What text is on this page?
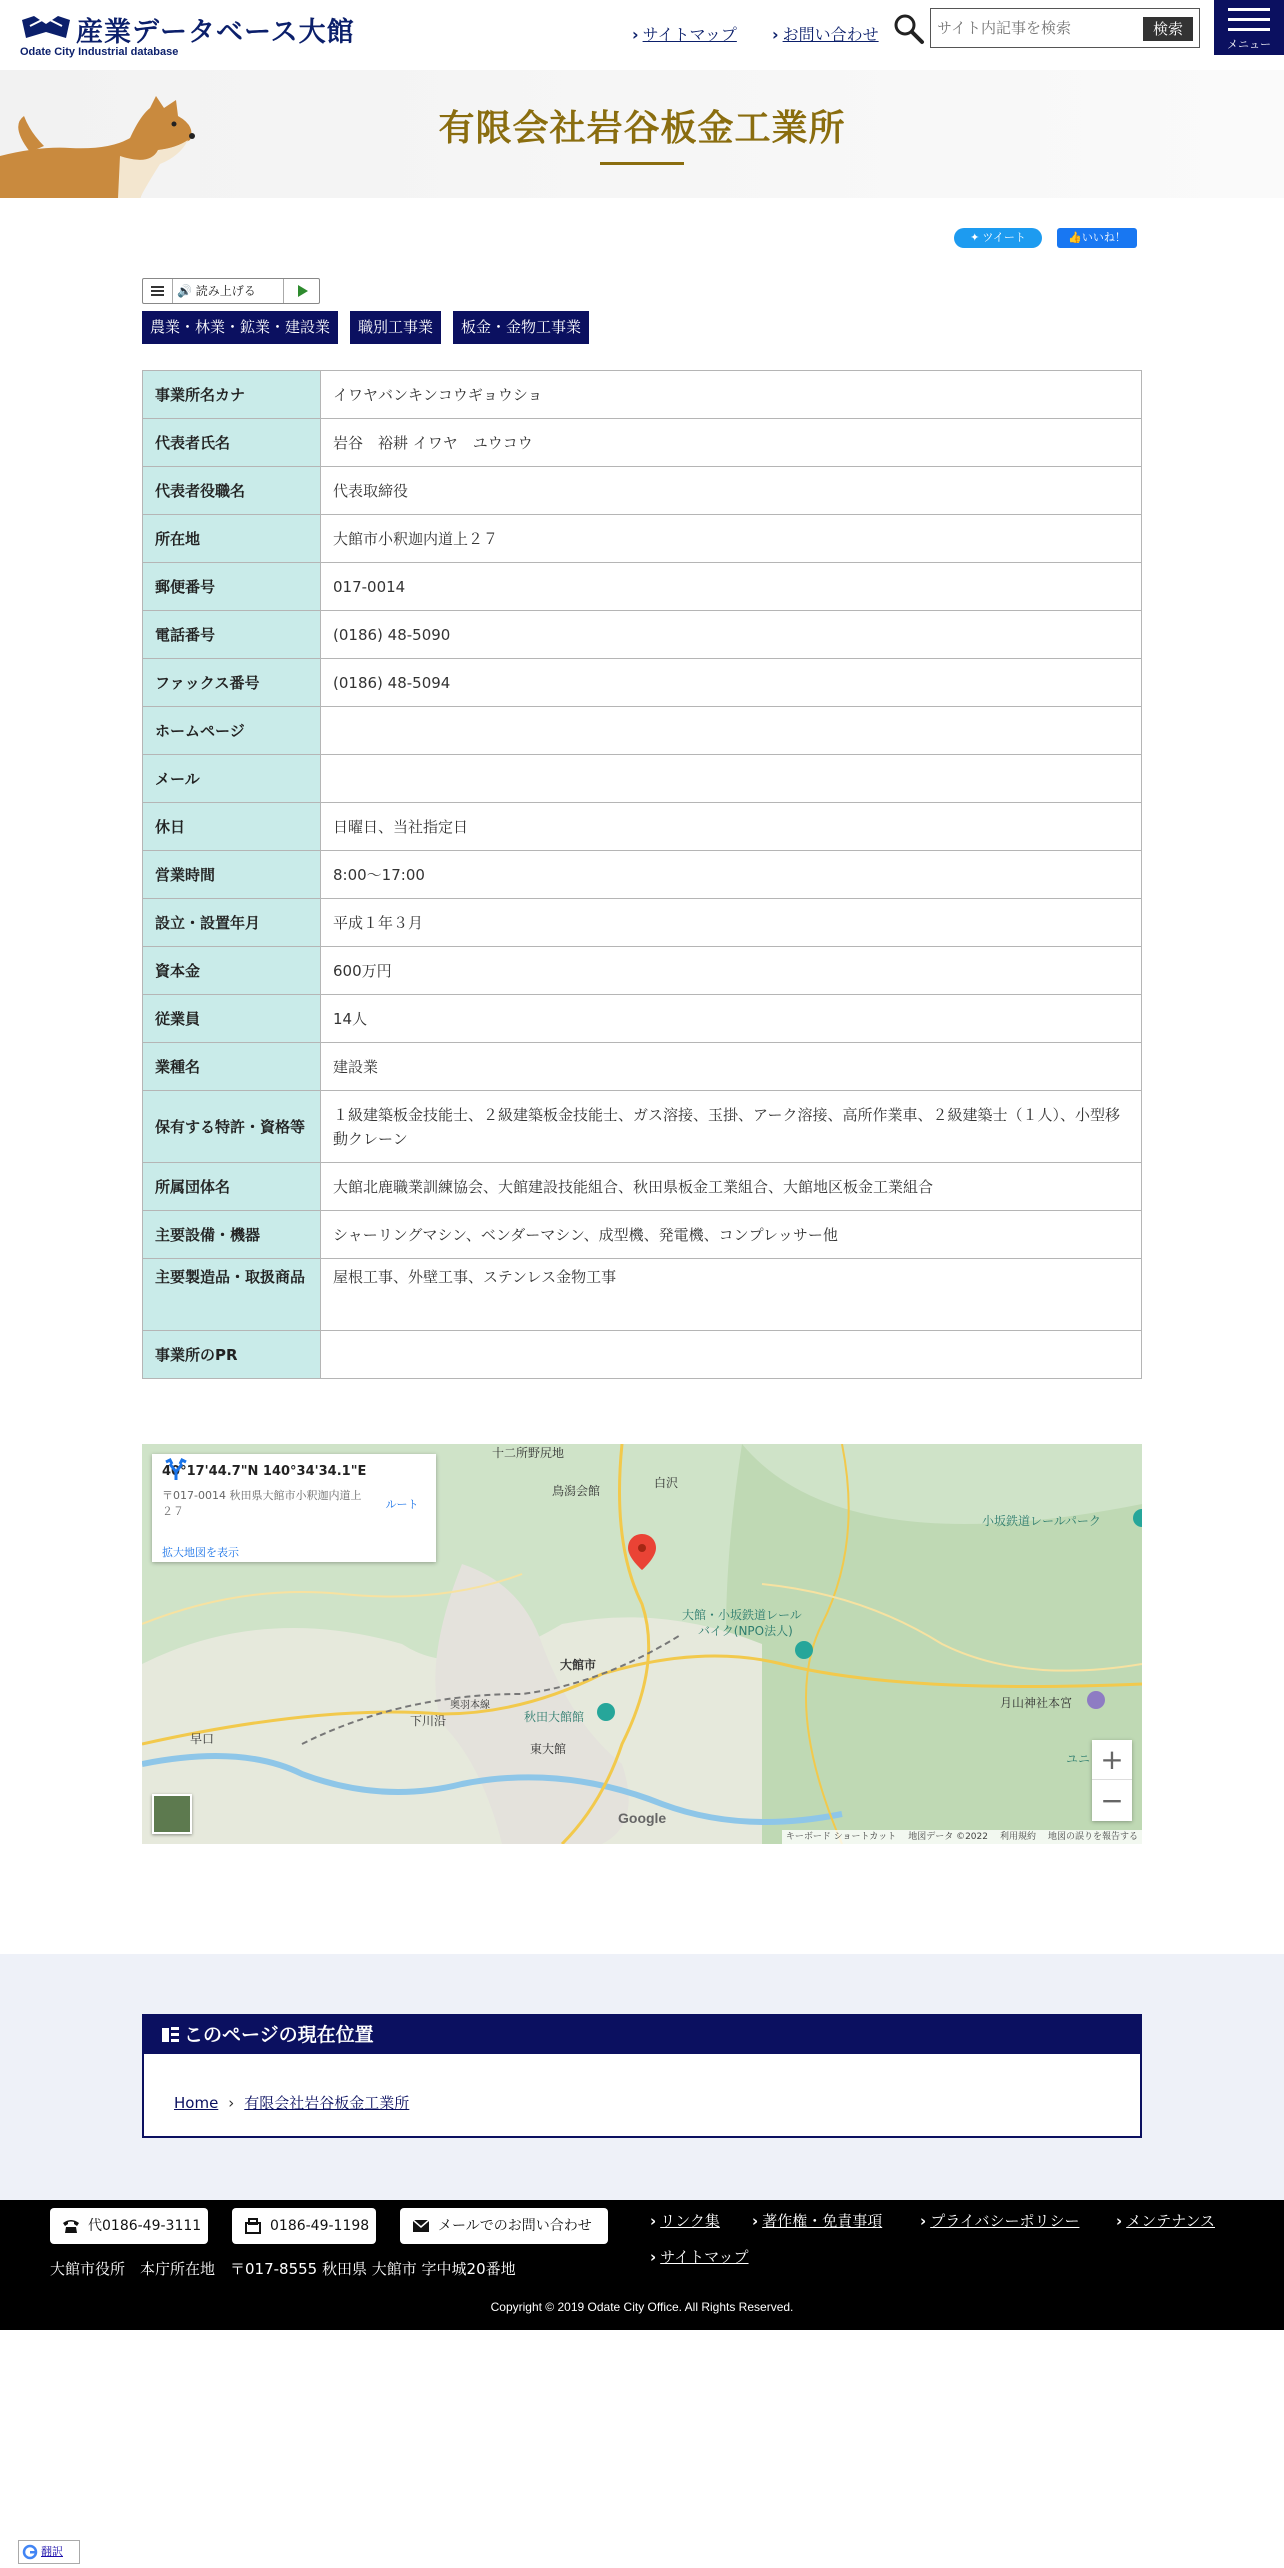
産業データベース大館
Odate City Industrial database
› サイトマップ	› お問い合わせ
サイト内記事を検索	検索
メニュー
有限会社岩谷板金工業所
✦ ツイート	👍いいね！
🔊 読み上げる
農業・林業・鉱業・建設業	職別工事業	板金・金物工事業
事業所名カナ	イワヤバンキンコウギョウショ
代表者氏名	岩谷　裕耕 イワヤ　ユウコウ
代表者役職名	代表取締役
所在地	大館市小釈迦内道上２７
郵便番号	017-0014
電話番号	(0186) 48-5090
ファックス番号	(0186) 48-5094
ホームページ	
メール	
休日	日曜日、当社指定日
営業時間	8:00〜17:00
設立・設置年月	平成１年３月
資本金	600万円
従業員	14人
業種名	建設業
保有する特許・資格等	１級建築板金技能士、２級建築板金技能士、ガス溶接、玉掛、アーク溶接、高所作業車、２級建築士（１人）、小型移動クレーン
所属団体名	大館北鹿職業訓練協会、大館建設技能組合、秋田県板金工業組合、大館地区板金工業組合
主要設備・機器	シャーリングマシン、ベンダーマシン、成型機、発電機、コンプレッサー他
主要製造品・取扱商品	屋根工事、外壁工事、ステンレス金物工事
事業所のPR	
十二所野尻地
鳥潟会館
白沢
小坂鉄道レールパーク
大館・小坂鉄道レール
バイク(NPO法人)
大館市
秋田大館館
奥羽本線
下川沿
早口
東大館
月山神社本宮
ユニ
40°17'44.7"N 140°34'34.1"E
〒017-0014 秋田県大館市小釈迦内道上２７
ルート
拡大地図を表示
+
−
Google
キーボード ショートカット 地図データ ©2022 利用規約 地図の誤りを報告する
このページの現在位置
Home › 有限会社岩谷板金工業所
代0186-49-3111	0186-49-1198	メールでのお問い合わせ	› リンク集	› 著作権・免責事項	› プライバシーポリシー	› メンテナンス
› サイトマップ
大館市役所　本庁所在地　〒017-8555 秋田県 大館市 字中城20番地
Copyright © 2019 Odate City Office. All Rights Reserved.
翻訳
